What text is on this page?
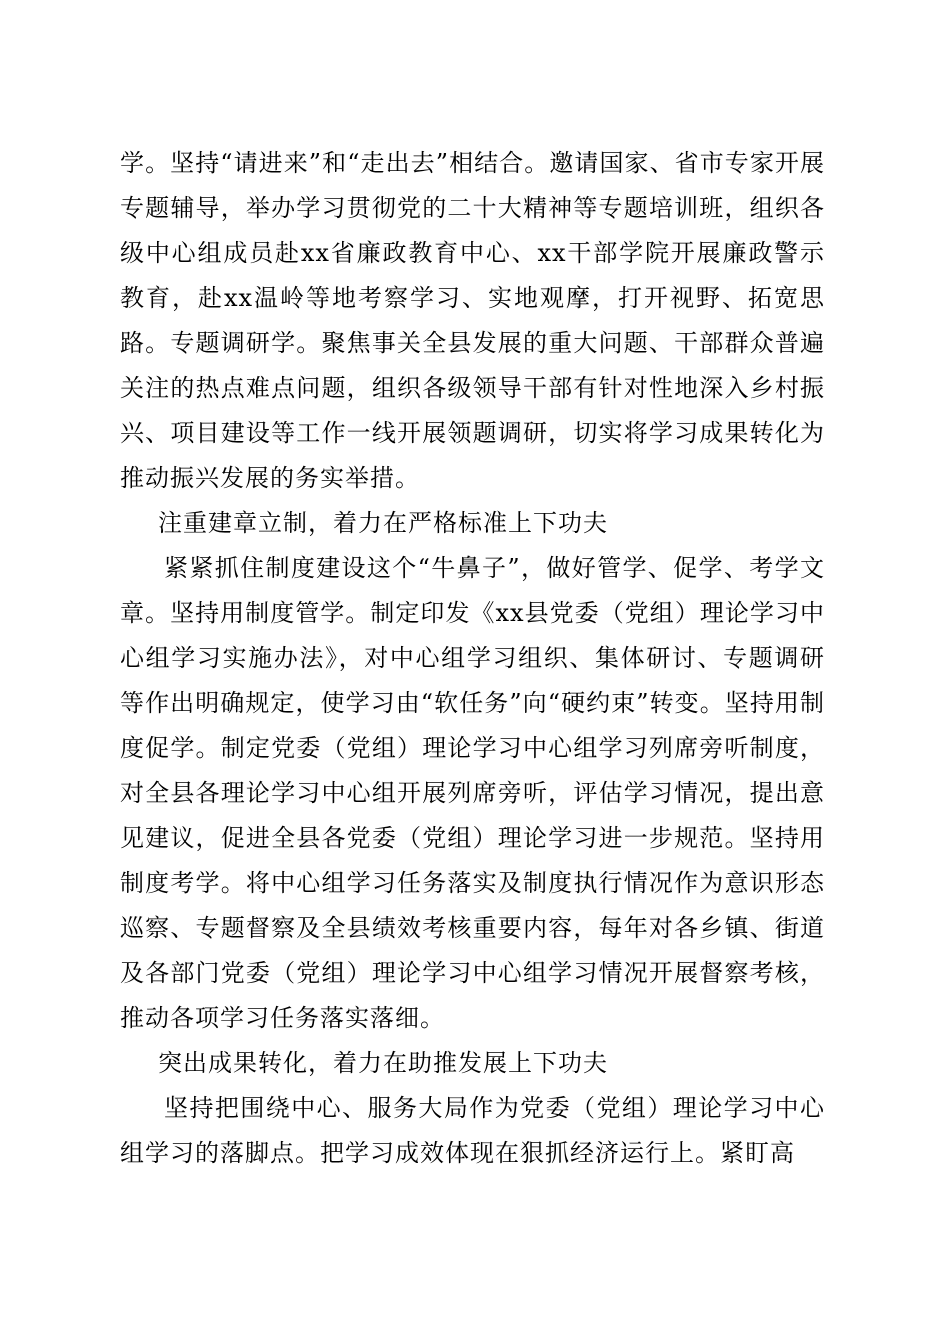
学。坚持“请进来”和“走出去”相结合。邀请国家、省市专家开展专题辅导，举办学习贯彻党的二十大精神等专题培训班，组织各级中心组成员赴xx省廉政教育中心、xx干部学院开展廉政警示教育，赴xx温岭等地考察学习、实地观摩，打开视野、拓宽思路。专题调研学。聚焦事关全县发展的重大问题、干部群众普遍关注的热点难点问题，组织各级领导干部有针对性地深入乡村振兴、项目建设等工作一线开展领题调研，切实将学习成果转化为推动振兴发展的务实举措。

注重建章立制，着力在严格标准上下功夫

紧紧抓住制度建设这个“牛鼻子”，做好管学、促学、考学文章。坚持用制度管学。制定印发《xx县党委（党组）理论学习中心组学习实施办法》，对中心组学习组织、集体研讨、专题调研等作出明确规定，使学习由“软任务”向“硬约束”转变。坚持用制度促学。制定党委（党组）理论学习中心组学习列席旁听制度，对全县各理论学习中心组开展列席旁听，评估学习情况，提出意见建议，促进全县各党委（党组）理论学习进一步规范。坚持用制度考学。将中心组学习任务落实及制度执行情况作为意识形态巡察、专题督察及全县绩效考核重要内容，每年对各乡镇、街道及各部门党委（党组）理论学习中心组学习情况开展督察考核，推动各项学习任务落实落细。

突出成果转化，着力在助推发展上下功夫

坚持把围绕中心、服务大局作为党委（党组）理论学习中心组学习的落脚点。把学习成效体现在狠抓经济运行上。紧盯高
